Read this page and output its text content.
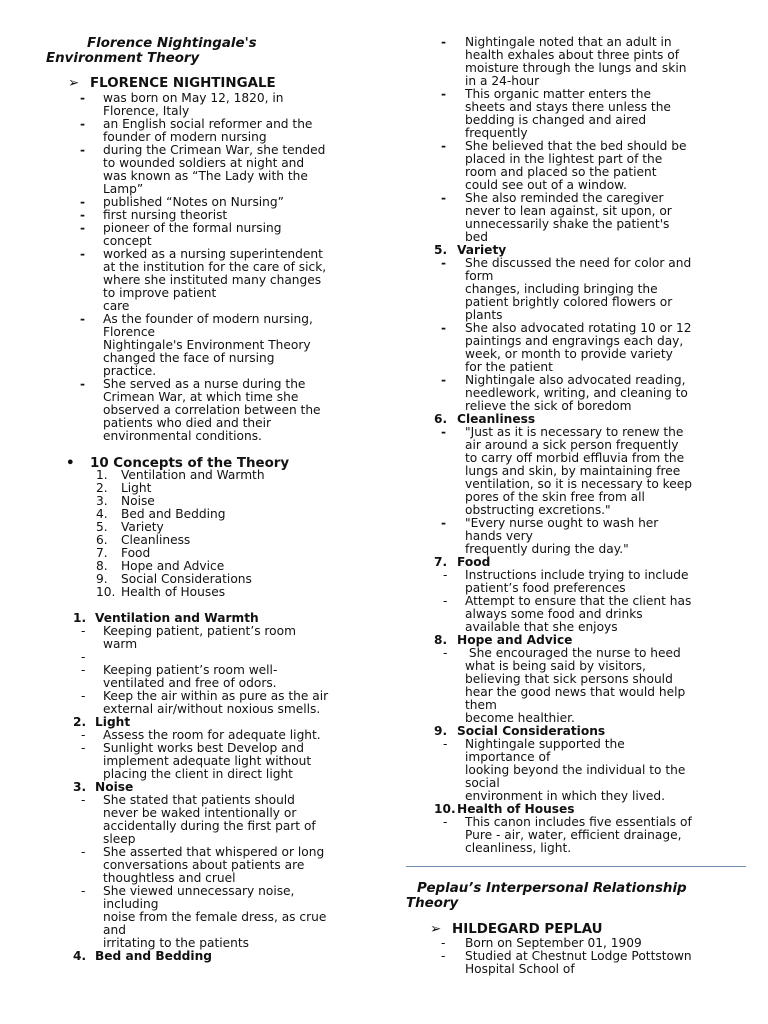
Florence Nightingale's
Environment Theory
➢ FLORENCE NIGHTINGALE
- was born on May 12, 1820, in
Florence, Italy
- an English social reformer and the
founder of modern nursing
- during the Crimean War, she tended
to wounded soldiers at night and
was known as “The Lady with the
Lamp”
- published “Notes on Nursing”
- first nursing theorist
- pioneer of the formal nursing
concept
- worked as a nursing superintendent
at the institution for the care of sick,
where she instituted many changes
to improve patient
care
- As the founder of modern nursing,
Florence
Nightingale's Environment Theory
changed the face of nursing
practice.
- She served as a nurse during the
Crimean War, at which time she
observed a correlation between the
patients who died and their
environmental conditions.
• 10 Concepts of the Theory
1. Ventilation and Warmth
2. Light
3. Noise
4. Bed and Bedding
5. Variety
6. Cleanliness
7. Food
8. Hope and Advice
9. Social Considerations
10. Health of Houses
1. Ventilation and Warmth
- Keeping patient, patient’s room
warm
-
- Keeping patient’s room well-
ventilated and free of odors.
- Keep the air within as pure as the air
external air/without noxious smells.
2. Light
- Assess the room for adequate light.
- Sunlight works best Develop and
implement adequate light without
placing the client in direct light
3. Noise
- She stated that patients should
never be waked intentionally or
accidentally during the first part of
sleep
- She asserted that whispered or long
conversations about patients are
thoughtless and cruel
- She viewed unnecessary noise,
including
noise from the female dress, as crue
and
irritating to the patients
4. Bed and Bedding
- Nightingale noted that an adult in
health exhales about three pints of
moisture through the lungs and skin
in a 24-hour
- This organic matter enters the
sheets and stays there unless the
bedding is changed and aired
frequently
- She believed that the bed should be
placed in the lightest part of the
room and placed so the patient
could see out of a window.
- She also reminded the caregiver
never to lean against, sit upon, or
unnecessarily shake the patient's
bed
5. Variety
- She discussed the need for color and
form
changes, including bringing the
patient brightly colored flowers or
plants
- She also advocated rotating 10 or 12
paintings and engravings each day,
week, or month to provide variety
for the patient
- Nightingale also advocated reading,
needlework, writing, and cleaning to
relieve the sick of boredom
6. Cleanliness
- "Just as it is necessary to renew the
air around a sick person frequently
to carry off morbid effluvia from the
lungs and skin, by maintaining free
ventilation, so it is necessary to keep
pores of the skin free from all
obstructing excretions."
- "Every nurse ought to wash her
hands very
frequently during the day."
7. Food
- Instructions include trying to include
patient’s food preferences
- Attempt to ensure that the client has
always some food and drinks
available that she enjoys
8. Hope and Advice
- She encouraged the nurse to heed
what is being said by visitors,
believing that sick persons should
hear the good news that would help
them
become healthier.
9. Social Considerations
- Nightingale supported the
importance of
looking beyond the individual to the
social
environment in which they lived.
10. Health of Houses
- This canon includes five essentials of
Pure - air, water, efficient drainage,
cleanliness, light.
Peplau’s Interpersonal Relationship
Theory
➢ HILDEGARD PEPLAU
- Born on September 01, 1909
- Studied at Chestnut Lodge Pottstown
Hospital School of
